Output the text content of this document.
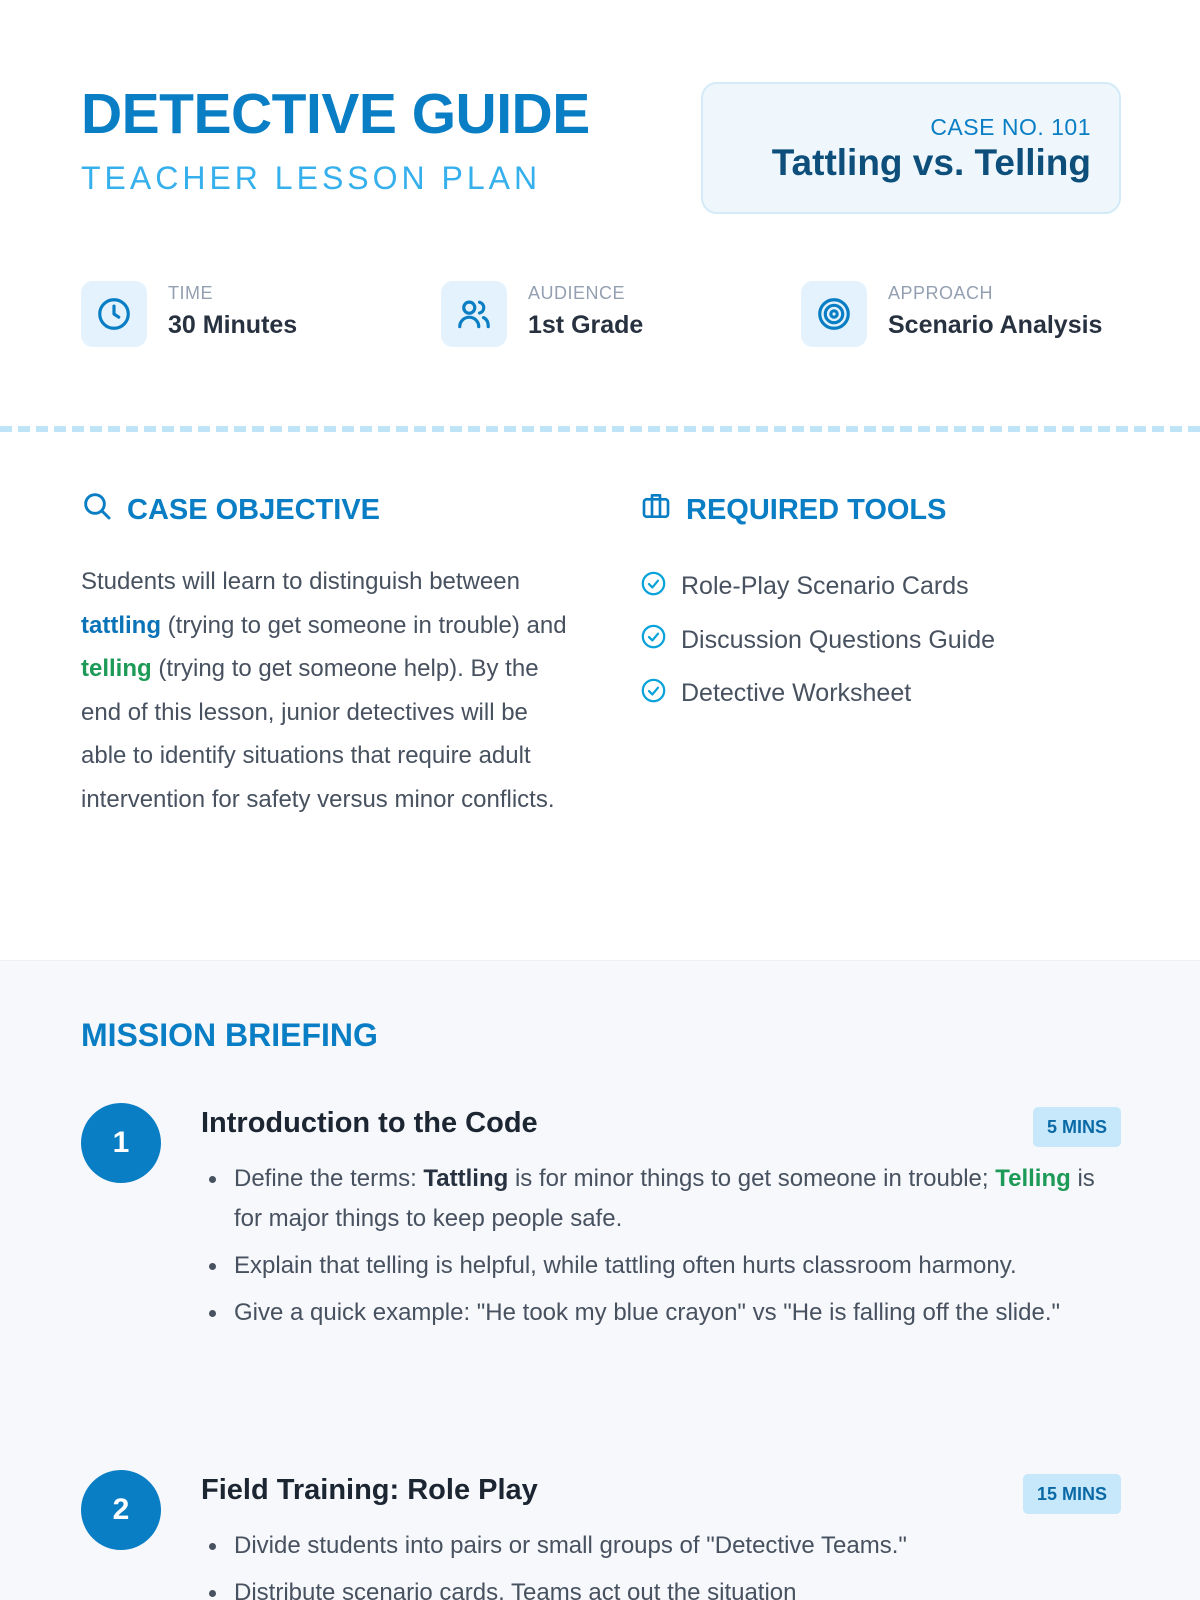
DETECTIVE GUIDE
TEACHER LESSON PLAN
CASE NO. 101
Tattling vs. Telling
TIME
30 Minutes
AUDIENCE
1st Grade
APPROACH
Scenario Analysis
CASE OBJECTIVE

Students will learn to distinguish between tattling (trying to get someone in trouble) and telling (trying to get someone help). By the end of this lesson, junior detectives will be able to identify situations that require adult intervention for safety versus minor conflicts.

REQUIRED TOOLS
Role-Play Scenario Cards
Discussion Questions Guide
Detective Worksheet
MISSION BRIEFING
1
Introduction to the Code	5 MINS
Define the terms: Tattling is for minor things to get someone in trouble; Telling is for major things to keep people safe.
Explain that telling is helpful, while tattling often hurts classroom harmony.
Give a quick example: "He took my blue crayon" vs "He is falling off the slide."
2
Field Training: Role Play	15 MINS
Divide students into pairs or small groups of "Detective Teams."
Distribute scenario cards. Teams act out the situation
